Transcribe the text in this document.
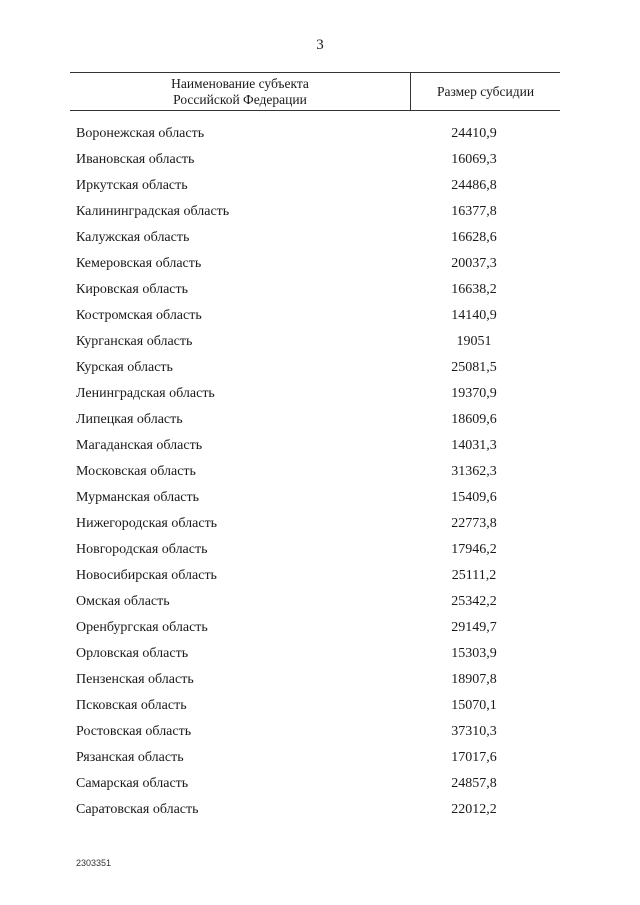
3
Наименование субъекта
Российской Федерации
Размер субсидии
Воронежская область	24410,9
Ивановская область	16069,3
Иркутская область	24486,8
Калининградская область	16377,8
Калужская область	16628,6
Кемеровская область	20037,3
Кировская область	16638,2
Костромская область	14140,9
Курганская область	19051
Курская область	25081,5
Ленинградская область	19370,9
Липецкая область	18609,6
Магаданская область	14031,3
Московская область	31362,3
Мурманская область	15409,6
Нижегородская область	22773,8
Новгородская область	17946,2
Новосибирская область	25111,2
Омская область	25342,2
Оренбургская область	29149,7
Орловская область	15303,9
Пензенская область	18907,8
Псковская область	15070,1
Ростовская область	37310,3
Рязанская область	17017,6
Самарская область	24857,8
Саратовская область	22012,2
2303351
